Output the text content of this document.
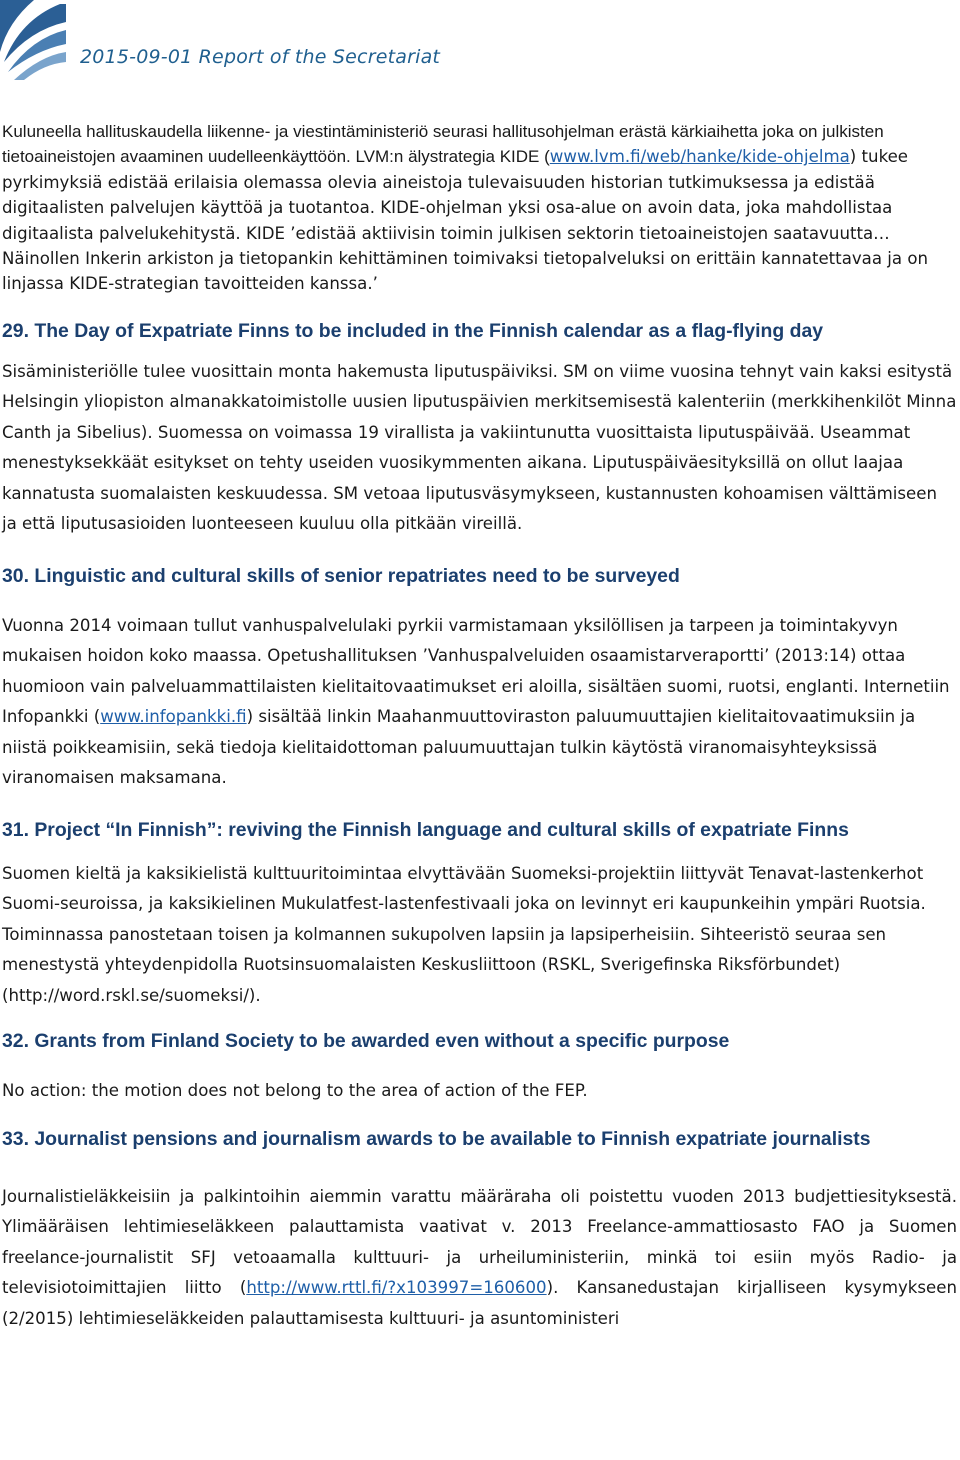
2015-09-01 Report of the Secretariat

Kuluneella hallituskaudella liikenne- ja viestintäministeriö seurasi hallitusohjelman erästä kärkiaihetta joka on julkisten tietoaineistojen avaaminen uudelleenkäyttöön. LVM:n älystrategia KIDE (www.lvm.fi/web/hanke/kide-ohjelma) tukee pyrkimyksiä edistää erilaisia olemassa olevia aineistoja tulevaisuuden historian tutkimuksessa ja edistää digitaalisten palvelujen käyttöä ja tuotantoa. KIDE-ohjelman yksi osa-alue on avoin data, joka mahdollistaa digitaalista palvelukehitystä. KIDE ’edistää aktiivisin toimin julkisen sektorin tietoaineistojen saatavuutta… Näinollen Inkerin arkiston ja tietopankin kehittäminen toimivaksi tietopalveluksi on erittäin kannatettavaa ja on linjassa KIDE-strategian tavoitteiden kanssa.’

29. The Day of Expatriate Finns to be included in the Finnish calendar as a flag-flying day

Sisäministeriölle tulee vuosittain monta hakemusta liputuspäiviksi. SM on viime vuosina tehnyt vain kaksi esitystä Helsingin yliopiston almanakkatoimistolle uusien liputuspäivien merkitsemisestä kalenteriin (merkkihenkilöt Minna Canth ja Sibelius). Suomessa on voimassa 19 virallista ja vakiintunutta vuosittaista liputuspäivää. Useammat menestyksekkäät esitykset on tehty useiden vuosikymmenten aikana. Liputuspäiväesityksillä on ollut laajaa kannatusta suomalaisten keskuudessa. SM vetoaa liputusväsymykseen, kustannusten kohoamisen välttämiseen ja että liputusasioiden luonteeseen kuuluu olla pitkään vireillä.

30. Linguistic and cultural skills of senior repatriates need to be surveyed

Vuonna 2014 voimaan tullut vanhuspalvelulaki pyrkii varmistamaan yksilöllisen ja tarpeen ja toimintakyvyn mukaisen hoidon koko maassa. Opetushallituksen ’Vanhuspalveluiden osaamistarveraportti’ (2013:14) ottaa huomioon vain palveluammattilaisten kielitaitovaatimukset eri aloilla, sisältäen suomi, ruotsi, englanti. Internetiin Infopankki (www.infopankki.fi) sisältää linkin Maahanmuuttoviraston paluumuuttajien kielitaitovaatimuksiin ja niistä poikkeamisiin, sekä tiedoja kielitaidottoman paluumuuttajan tulkin käytöstä viranomaisyhteyksissä viranomaisen maksamana.

31. Project “In Finnish”: reviving the Finnish language and cultural skills of expatriate Finns

Suomen kieltä ja kaksikielistä kulttuuritoimintaa elvyttävään Suomeksi-projektiin liittyvät Tenavat-lastenkerhot Suomi-seuroissa, ja kaksikielinen Mukulatfest-lastenfestivaali joka on levinnyt eri kaupunkeihin ympäri Ruotsia. Toiminnassa panostetaan toisen ja kolmannen sukupolven lapsiin ja lapsiperheisiin. Sihteeristö seuraa sen menestystä yhteydenpidolla Ruotsinsuomalaisten Keskusliittoon (RSKL, Sverigefinska Riksförbundet) (http://word.rskl.se/suomeksi/).

32. Grants from Finland Society to be awarded even without a specific purpose

No action: the motion does not belong to the area of action of the FEP.

33. Journalist pensions and journalism awards to be available to Finnish expatriate journalists

Journalistieläkkeisiin ja palkintoihin aiemmin varattu määräraha oli poistettu vuoden 2013 budjettiesityksestä. Ylimääräisen lehtimieseläkkeen palauttamista vaativat v. 2013 Freelance-ammattiosasto FAO ja Suomen freelance-journalistit SFJ vetoaamalla kulttuuri- ja urheiluministeriin, minkä toi esiin myös Radio- ja televisiotoimittajien liitto (http://www.rttl.fi/?x103997=160600). Kansanedustajan kirjalliseen kysymykseen (2/2015) lehtimieseläkkeiden palauttamisesta kulttuuri- ja asuntoministeri
